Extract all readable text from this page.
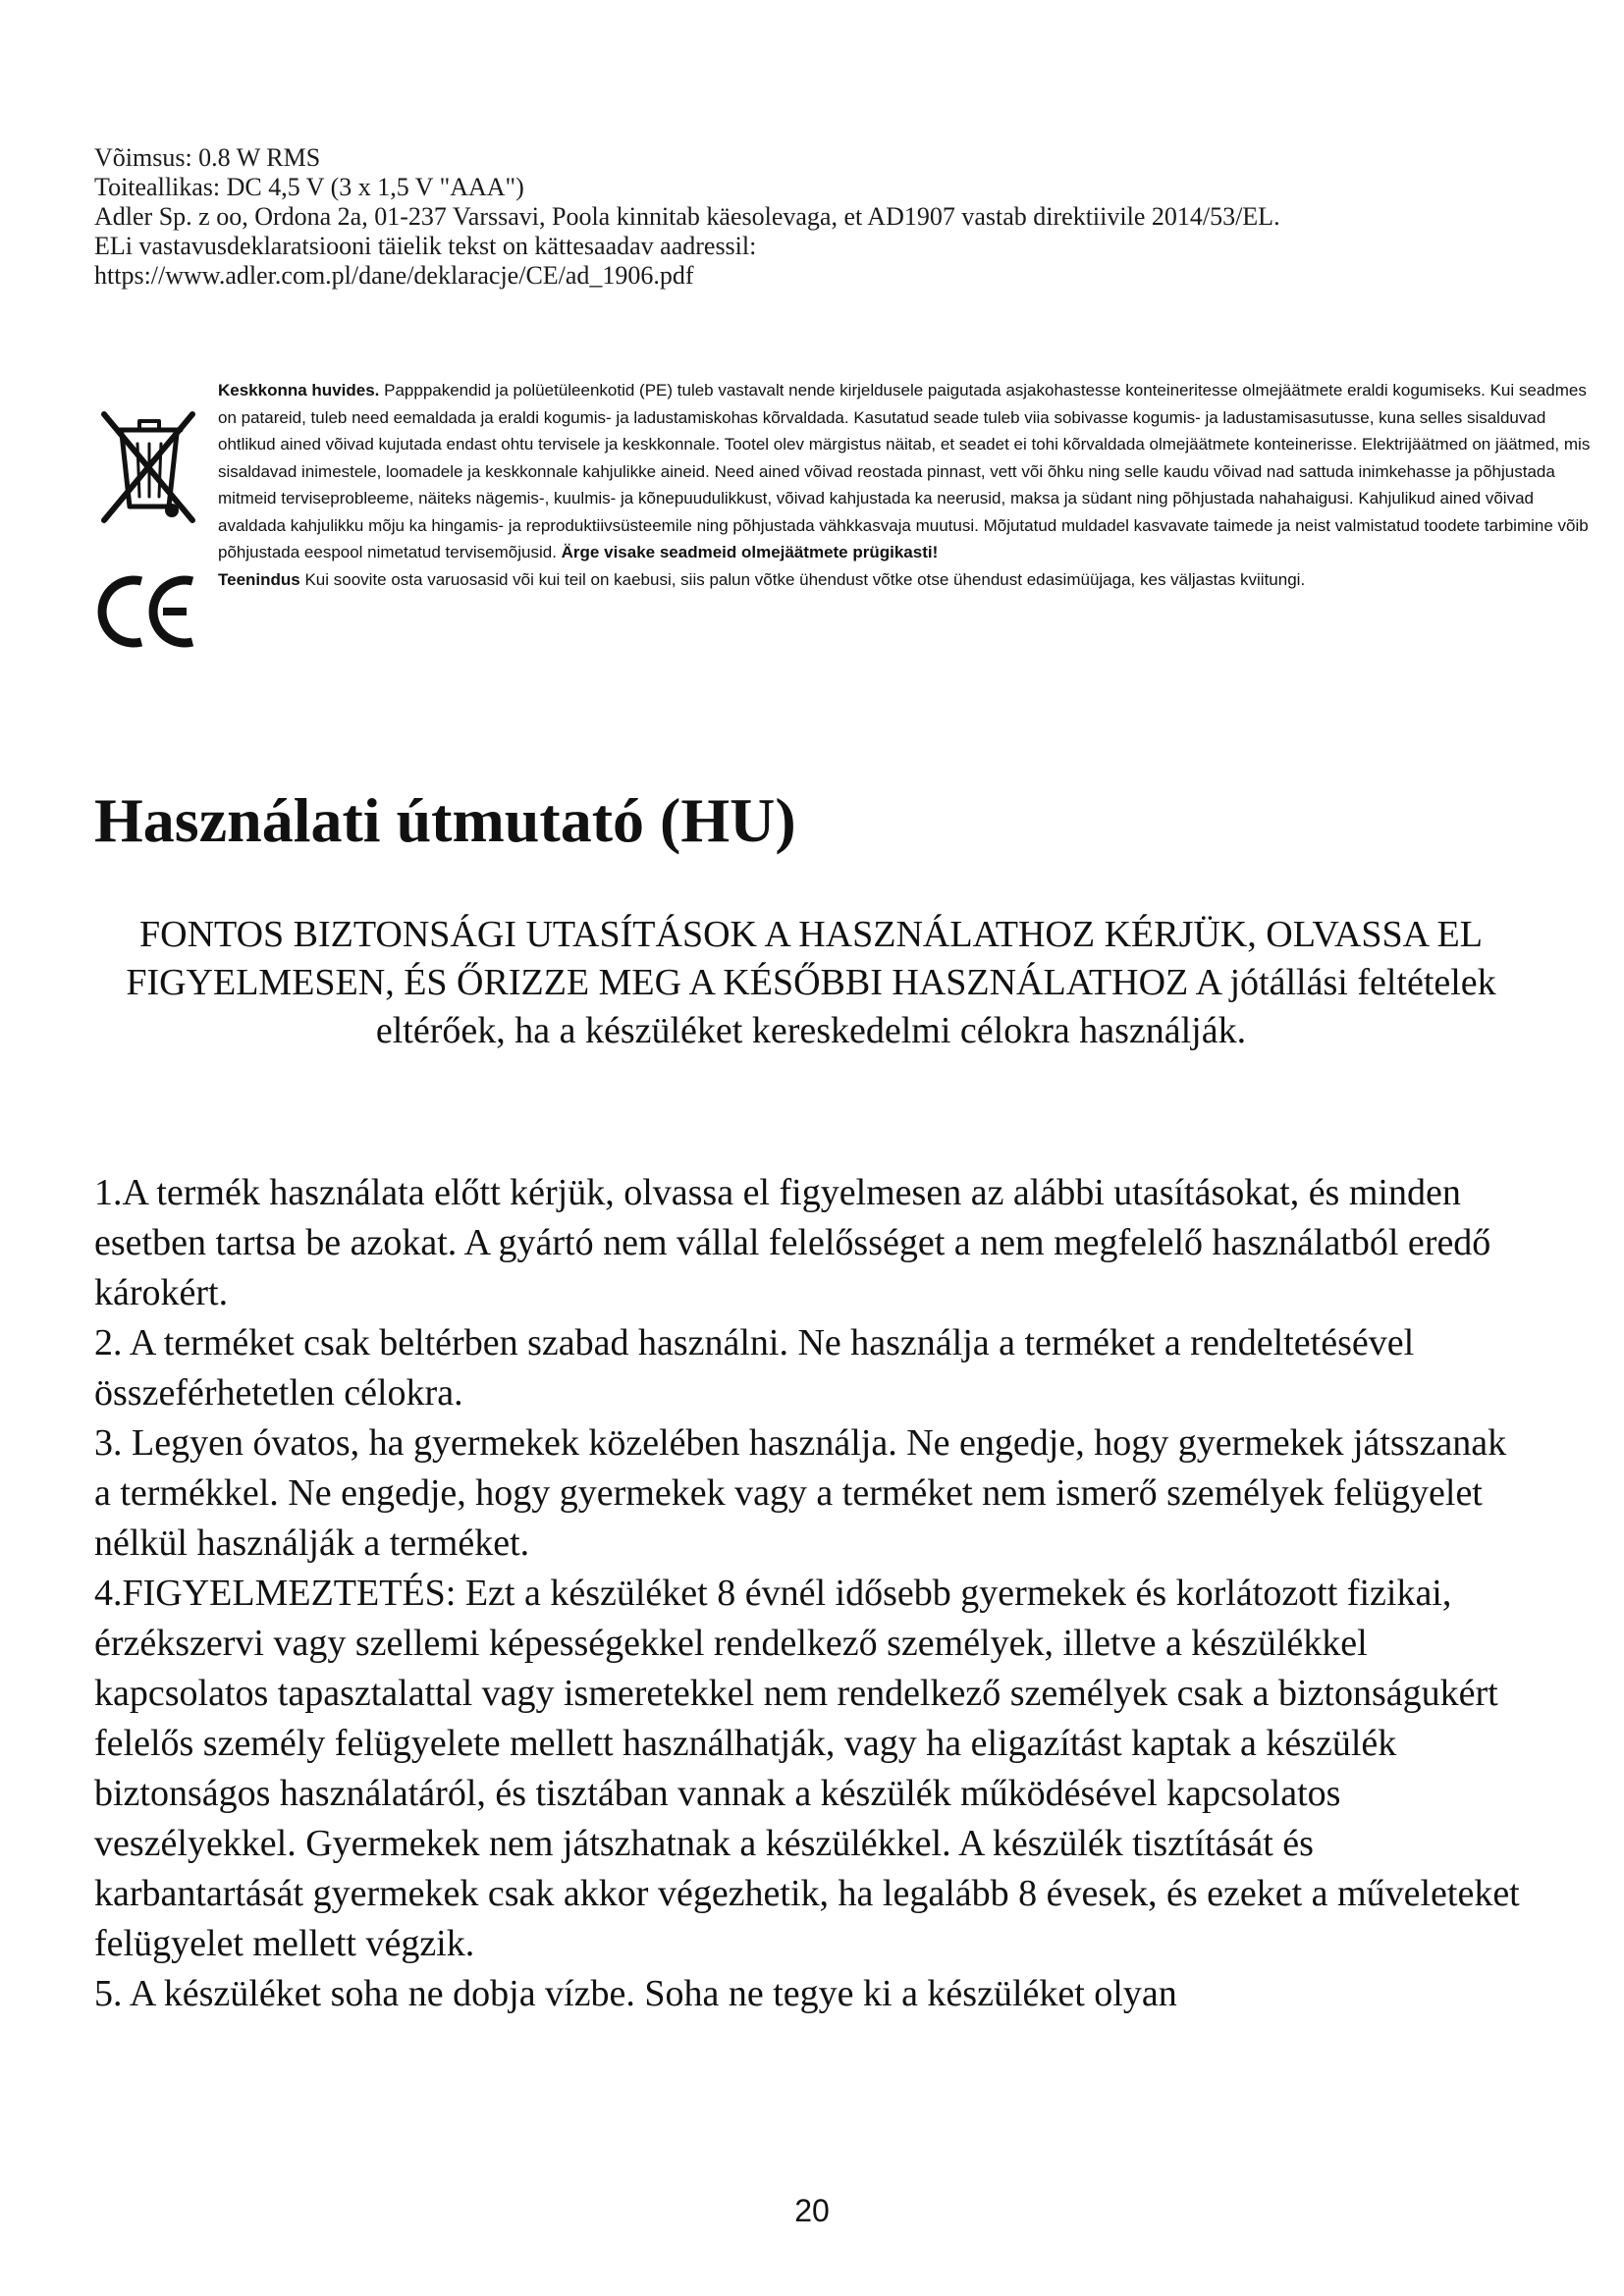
Võimsus: 0.8 W RMS
Toiteallikas: DC 4,5 V (3 x 1,5 V "AAA")
Adler Sp. z oo, Ordona 2a, 01-237 Varssavi, Poola kinnitab käesolevaga, et AD1907 vastab direktiivile 2014/53/EL.
ELi vastavusdeklaratsiooni täielik tekst on kättesaadav aadressil:
https://www.adler.com.pl/dane/deklaracje/CE/ad_1906.pdf

Keskkonna huvides. Papppakendid ja polüetüleenkotid (PE) tuleb vastavalt nende kirjeldusele paigutada asjakohastesse konteineritesse olmejäätmete eraldi kogumiseks. Kui seadmes on patareid, tuleb need eemaldada ja eraldi kogumis- ja ladustamiskohas kõrvaldada. Kasutatud seade tuleb viia sobivasse kogumis- ja ladustamisasutusse, kuna selles sisalduvad ohtlikud ained võivad kujutada endast ohtu tervisele ja keskkonnale. Tootel olev märgistus näitab, et seadet ei tohi kõrvaldada olmejäätmete konteinerisse. Elektrijäätmed on jäätmed, mis sisaldavad inimestele, loomadele ja keskkonnale kahjulikke aineid. Need ained võivad reostada pinnast, vett või õhku ning selle kaudu võivad nad sattuda inimkehasse ja põhjustada mitmeid terviseprobleeme, näiteks nägemis-, kuulmis- ja kõnepuudulikkust, võivad kahjustada ka neerusid, maksa ja südant ning põhjustada nahahaigusi. Kahjulikud ained võivad avaldada kahjulikku mõju ka hingamis- ja reproduktiivsüsteemile ning põhjustada vähkkasvaja muutusi. Mõjutatud muldadel kasvavate taimede ja neist valmistatud toodete tarbimine võib põhjustada eespool nimetatud tervisemõjusid. Ärge visake seadmeid olmejäätmete prügikasti!

Teenindus Kui soovite osta varuosasid või kui teil on kaebusi, siis palun võtke ühendust võtke otse ühendust edasimüüjaga, kes väljastas kviitungi.

Használati útmutató (HU)

FONTOS BIZTONSÁGI UTASÍTÁSOK A HASZNÁLATHOZ KÉRJÜK, OLVASSA EL FIGYELMESEN, ÉS ŐRIZZE MEG A KÉSŐBBI HASZNÁLATHOZ A jótállási feltételek eltérőek, ha a készüléket kereskedelmi célokra használják.

1.A termék használata előtt kérjük, olvassa el figyelmesen az alábbi utasításokat, és minden esetben tartsa be azokat. A gyártó nem vállal felelősséget a nem megfelelő használatból eredő károkért.

2. A terméket csak beltérben szabad használni. Ne használja a terméket a rendeltetésével összeférhetetlen célokra.

3. Legyen óvatos, ha gyermekek közelében használja. Ne engedje, hogy gyermekek játsszanak a termékkel. Ne engedje, hogy gyermekek vagy a terméket nem ismerő személyek felügyelet nélkül használják a terméket.

4.FIGYELMEZTETÉS: Ezt a készüléket 8 évnél idősebb gyermekek és korlátozott fizikai, érzékszervi vagy szellemi képességekkel rendelkező személyek, illetve a készülékkel kapcsolatos tapasztalattal vagy ismeretekkel nem rendelkező személyek csak a biztonságukért felelős személy felügyelete mellett használhatják, vagy ha eligazítást kaptak a készülék biztonságos használatáról, és tisztában vannak a készülék működésével kapcsolatos veszélyekkel. Gyermekek nem játszhatnak a készülékkel. A készülék tisztítását és karbantartását gyermekek csak akkor végezhetik, ha legalább 8 évesek, és ezeket a műveleteket felügyelet mellett végzik.

5. A készüléket soha ne dobja vízbe. Soha ne tegye ki a készüléket olyan

20
